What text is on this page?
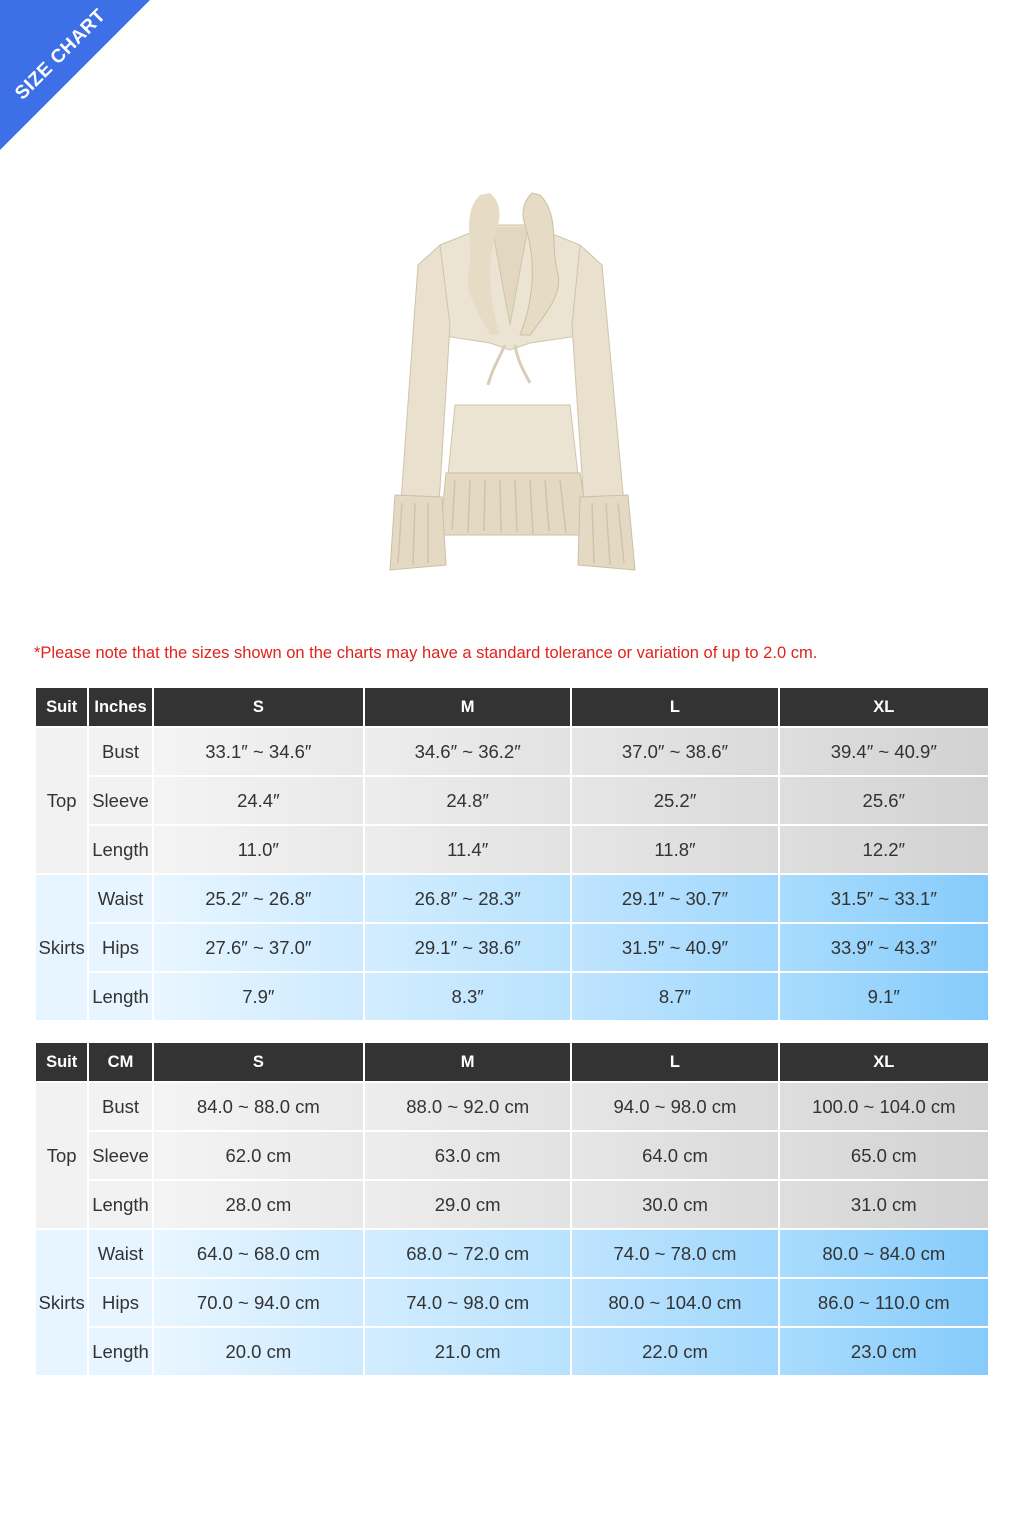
SIZE CHART
*Please note that the sizes shown on the charts may have a standard tolerance or variation of up to 2.0 cm.
Suit	Inches	S	M	L	XL
Top	Bust	33.1″ ~ 34.6″	34.6″ ~ 36.2″	37.0″ ~ 38.6″	39.4″ ~ 40.9″
	Sleeve	24.4″	24.8″	25.2″	25.6″
	Length	11.0″	11.4″	11.8″	12.2″
Skirts	Waist	25.2″ ~ 26.8″	26.8″ ~ 28.3″	29.1″ ~ 30.7″	31.5″ ~ 33.1″
	Hips	27.6″ ~ 37.0″	29.1″ ~ 38.6″	31.5″ ~ 40.9″	33.9″ ~ 43.3″
	Length	7.9″	8.3″	8.7″	9.1″
Suit	CM	S	M	L	XL
Top	Bust	84.0 ~ 88.0 cm	88.0 ~ 92.0 cm	94.0 ~ 98.0 cm	100.0 ~ 104.0 cm
	Sleeve	62.0 cm	63.0 cm	64.0 cm	65.0 cm
	Length	28.0 cm	29.0 cm	30.0 cm	31.0 cm
Skirts	Waist	64.0 ~ 68.0 cm	68.0 ~ 72.0 cm	74.0 ~ 78.0 cm	80.0 ~ 84.0 cm
	Hips	70.0 ~ 94.0 cm	74.0 ~ 98.0 cm	80.0 ~ 104.0 cm	86.0 ~ 110.0 cm
	Length	20.0 cm	21.0 cm	22.0 cm	23.0 cm
